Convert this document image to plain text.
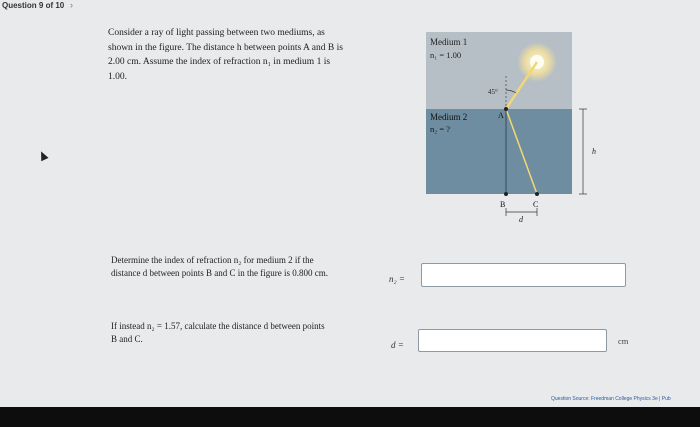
Question 9 of 10 ›
Consider a ray of light passing between two mediums, as
shown in the figure. The distance h between points A and B is
2.00 cm. Assume the index of refraction n₁ in medium 1 is
1.00.
Medium 1
n₁ = 1.00
Medium 2
n₂ = ?
45°
A
B	C
d
h
Determine the index of refraction n₂ for medium 2 if the
distance d between points B and C in the figure is 0.800 cm.
n₂ =
If instead n₂ = 1.57, calculate the distance d between points
B and C.
d =	cm
Question Source: Freedman College Physics 3e | Pub
